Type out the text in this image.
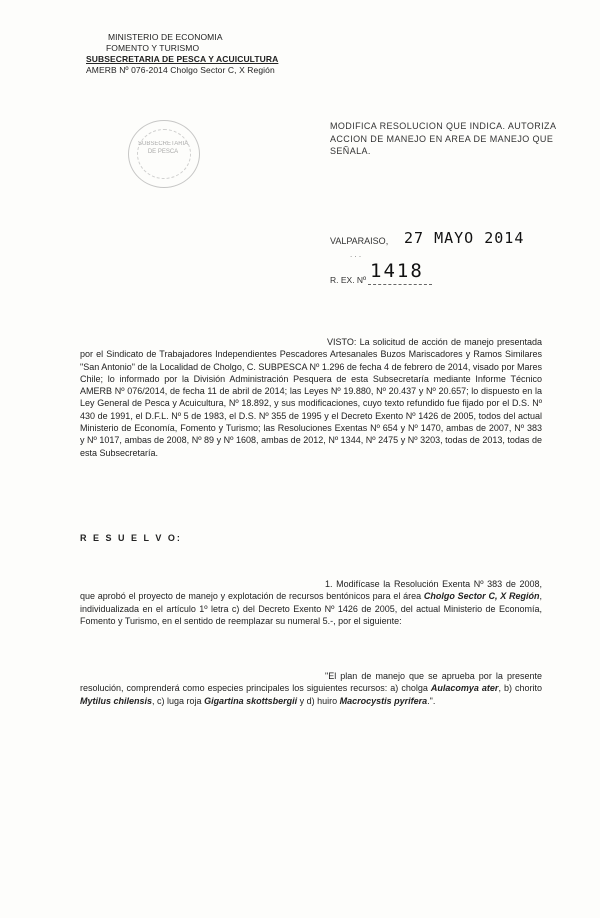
MINISTERIO DE ECONOMIA
FOMENTO Y TURISMO
SUBSECRETARIA DE PESCA Y ACUICULTURA
AMERB Nº 076-2014 Cholgo Sector C, X Región
SUBSECRETARIA DE PESCA
MODIFICA RESOLUCION QUE INDICA. AUTORIZA ACCION DE MANEJO EN AREA DE MANEJO QUE SEÑALA.
VALPARAISO, 27 MAYO 2014
. . .
R. EX. Nº 1418
VISTO: La solicitud de acción de manejo presentada por el Sindicato de Trabajadores Independientes Pescadores Artesanales Buzos Mariscadores y Ramos Similares "San Antonio" de la Localidad de Cholgo, C. SUBPESCA Nº 1.296 de fecha 4 de febrero de 2014, visado por Mares Chile; lo informado por la División Administración Pesquera de esta Subsecretaría mediante Informe Técnico AMERB Nº 076/2014, de fecha 11 de abril de 2014; las Leyes Nº 19.880, Nº 20.437 y Nº 20.657; lo dispuesto en la Ley General de Pesca y Acuicultura, Nº 18.892, y sus modificaciones, cuyo texto refundido fue fijado por el D.S. Nº 430 de 1991, el D.F.L. Nº 5 de 1983, el D.S. Nº 355 de 1995 y el Decreto Exento Nº 1426 de 2005, todos del actual Ministerio de Economía, Fomento y Turismo; las Resoluciones Exentas Nº 654 y Nº 1470, ambas de 2007, Nº 383 y Nº 1017, ambas de 2008, Nº 89 y Nº 1608, ambas de 2012, Nº 1344, Nº 2475 y Nº 3203, todas de 2013, todas de esta Subsecretaría.
R E S U E L V O:
1. Modifícase la Resolución Exenta Nº 383 de 2008, que aprobó el proyecto de manejo y explotación de recursos bentónicos para el área Cholgo Sector C, X Región, individualizada en el artículo 1º letra c) del Decreto Exento Nº 1426 de 2005, del actual Ministerio de Economía, Fomento y Turismo, en el sentido de reemplazar su numeral 5.-, por el siguiente:
"El plan de manejo que se aprueba por la presente resolución, comprenderá como especies principales los siguientes recursos: a) cholga Aulacomya ater, b) chorito Mytilus chilensis, c) luga roja Gigartina skottsbergii y d) huiro Macrocystis pyrifera.".
